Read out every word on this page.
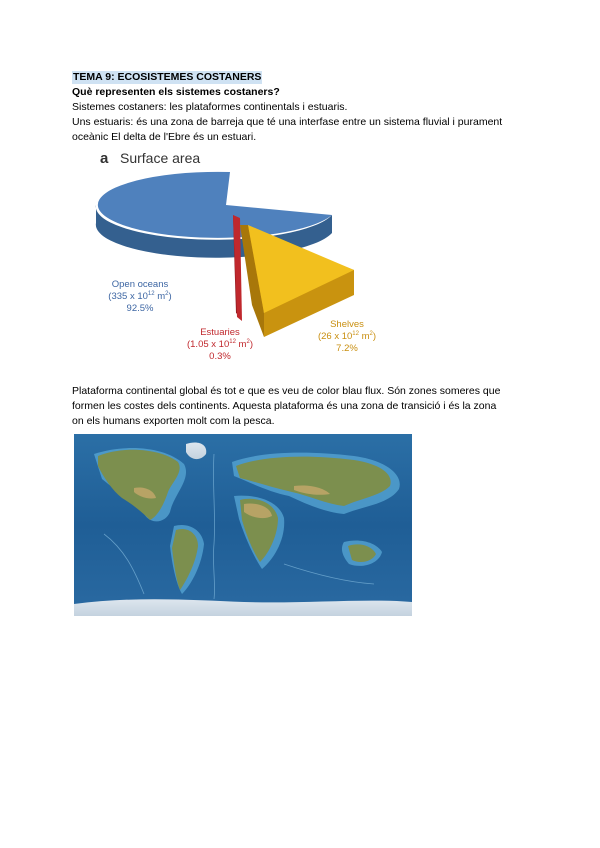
TEMA 9: ECOSISTEMES COSTANERS
Què representen els sistemes costaners?
Sistemes costaners: les plataformes continentals i estuaris.
Uns estuaris: és una zona de barreja que té una interfase entre un sistema fluvial i purament
oceànic El delta de l'Ebre és un estuari.
a Surface area
Open oceans
(335 x $10^{12}$ $m^2$)
92.5%
Estuaries
(1.05 x $10^{12}$ $m^2$)
0.3%
Shelves
(26 x $10^{12}$ $m^2$)
7.2%
Plataforma continental global és tot e que es veu de color blau flux. Són zones someres que
formen les costes dels continents. Aquesta plataforma és una zona de transició i és la zona
on els humans exporten molt com la pesca.
